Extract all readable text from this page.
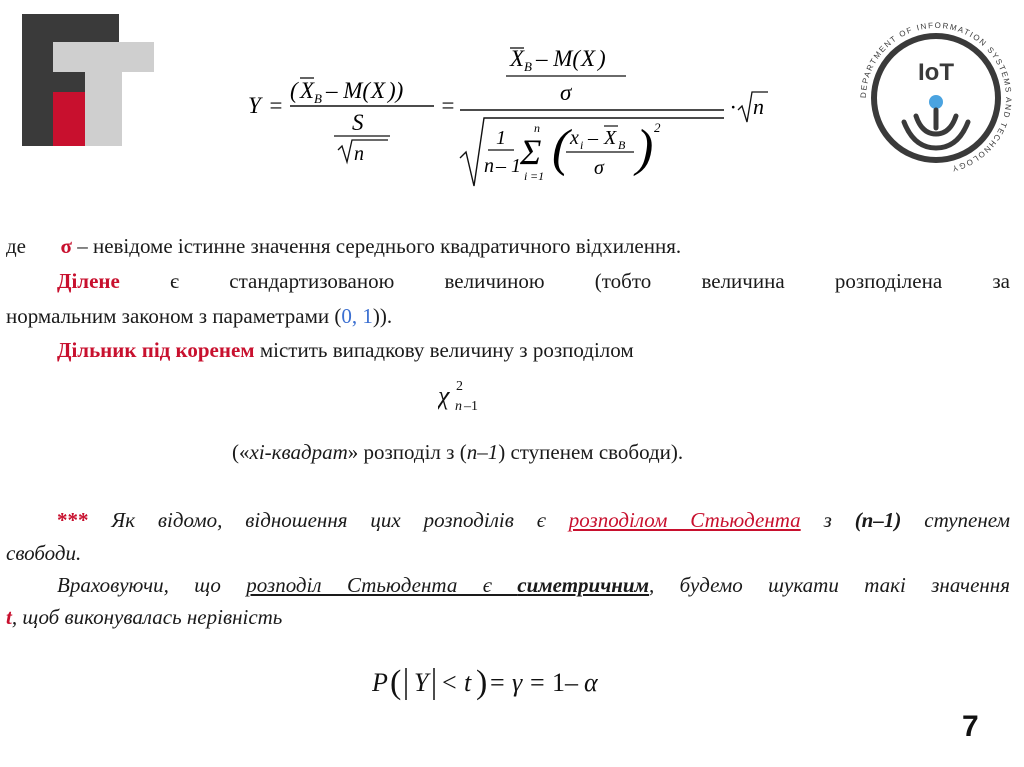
DEPARTMENT OF INFORMATION SYSTEMS AND TECHNOLOGY
IoT
Y =
( X B – M( X ))
S
n
=
X B – M( X )
σ
1
n – 1 Σ
n
i =1 ( x i – X B
σ ) 2
· n
де σ – невідоме істинне значення середнього квадратичного відхилення.
Ділене є стандартизованою величиною (тобто величина розподілена за
нормальним законом з параметрами (0, 1)).
Дільник під коренем містить випадкову величину з розподілом
χ 2
n –1
(«хі-квадрат» розподіл з (n–1) ступенем свободи).
*** Як відомо, відношення цих розподілів є розподілом Стьюдента з (n–1) ступенем
свободи.
Враховуючи, що розподіл Стьюдента є симетричним, будемо шукати такі значення
t, щоб виконувалась нерівність
P ( Y < t ) = γ = 1– α
7
